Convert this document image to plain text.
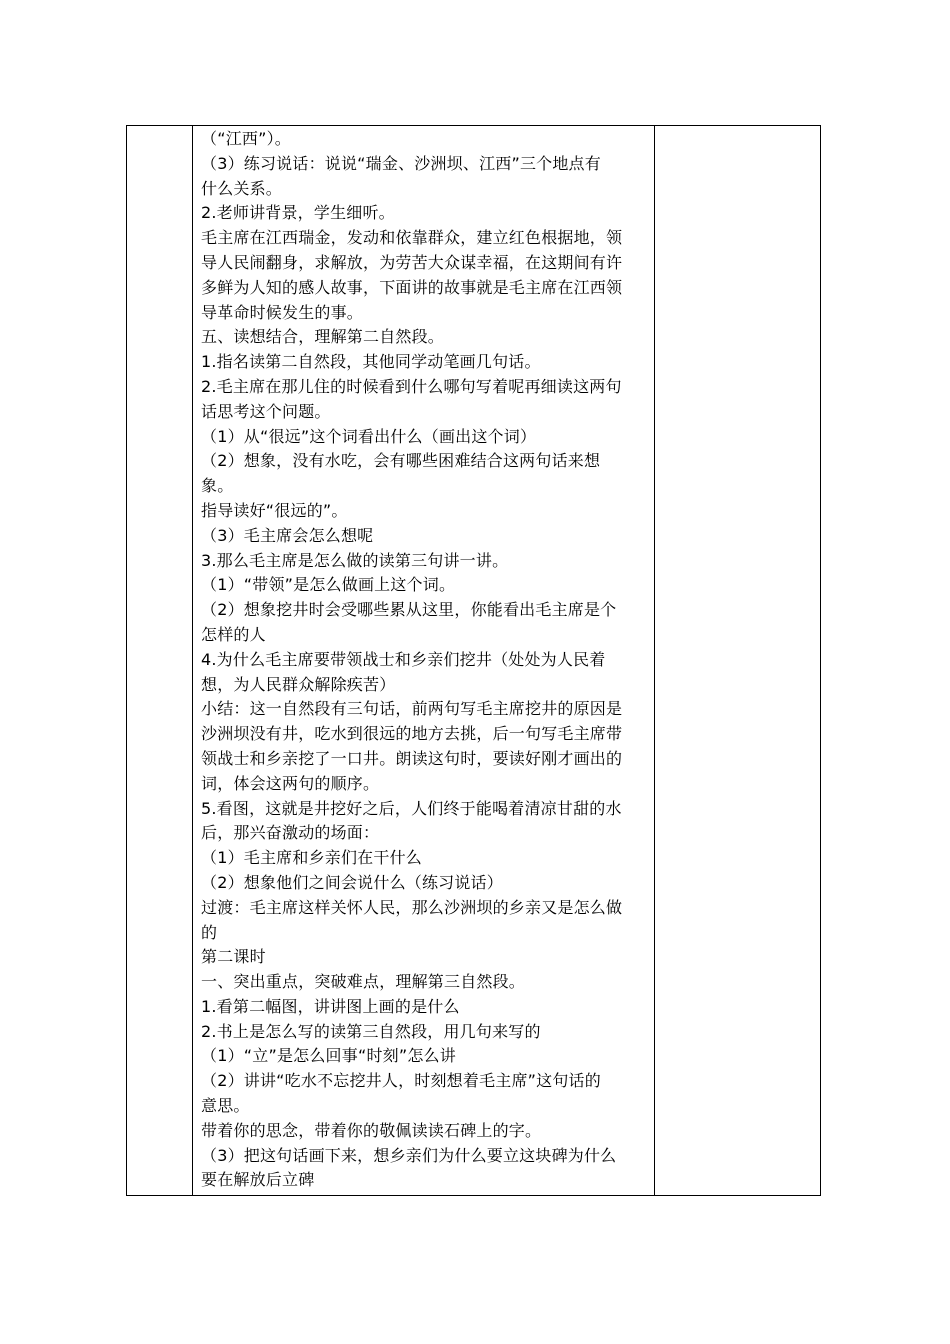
（“江西”）。
（3）练习说话：说说“瑞金、沙洲坝、江西”三个地点有
什么关系。
2.老师讲背景，学生细听。
毛主席在江西瑞金，发动和依靠群众，建立红色根据地，领
导人民闹翻身，求解放，为劳苦大众谋幸福，在这期间有许
多鲜为人知的感人故事，下面讲的故事就是毛主席在江西领
导革命时候发生的事。
五、读想结合，理解第二自然段。
1.指名读第二自然段，其他同学动笔画几句话。
2.毛主席在那儿住的时候看到什么哪句写着呢再细读这两句
话思考这个问题。
（1）从“很远”这个词看出什么（画出这个词）
（2）想象，没有水吃，会有哪些困难结合这两句话来想
象。
指导读好“很远的”。
（3）毛主席会怎么想呢
3.那么毛主席是怎么做的读第三句讲一讲。
（1）“带领”是怎么做画上这个词。
（2）想象挖井时会受哪些累从这里，你能看出毛主席是个
怎样的人
4.为什么毛主席要带领战士和乡亲们挖井（处处为人民着
想，为人民群众解除疾苦）
小结：这一自然段有三句话，前两句写毛主席挖井的原因是
沙洲坝没有井，吃水到很远的地方去挑，后一句写毛主席带
领战士和乡亲挖了一口井。朗读这句时，要读好刚才画出的
词，体会这两句的顺序。
5.看图，这就是井挖好之后，人们终于能喝着清凉甘甜的水
后，那兴奋激动的场面：
（1）毛主席和乡亲们在干什么
（2）想象他们之间会说什么（练习说话）
过渡：毛主席这样关怀人民，那么沙洲坝的乡亲又是怎么做
的
第二课时
一、突出重点，突破难点，理解第三自然段。
1.看第二幅图，讲讲图上画的是什么
2.书上是怎么写的读第三自然段，用几句来写的
（1）“立”是怎么回事“时刻”怎么讲
（2）讲讲“吃水不忘挖井人，时刻想着毛主席”这句话的
意思。
带着你的思念，带着你的敬佩读读石碑上的字。
（3）把这句话画下来，想乡亲们为什么要立这块碑为什么
要在解放后立碑
